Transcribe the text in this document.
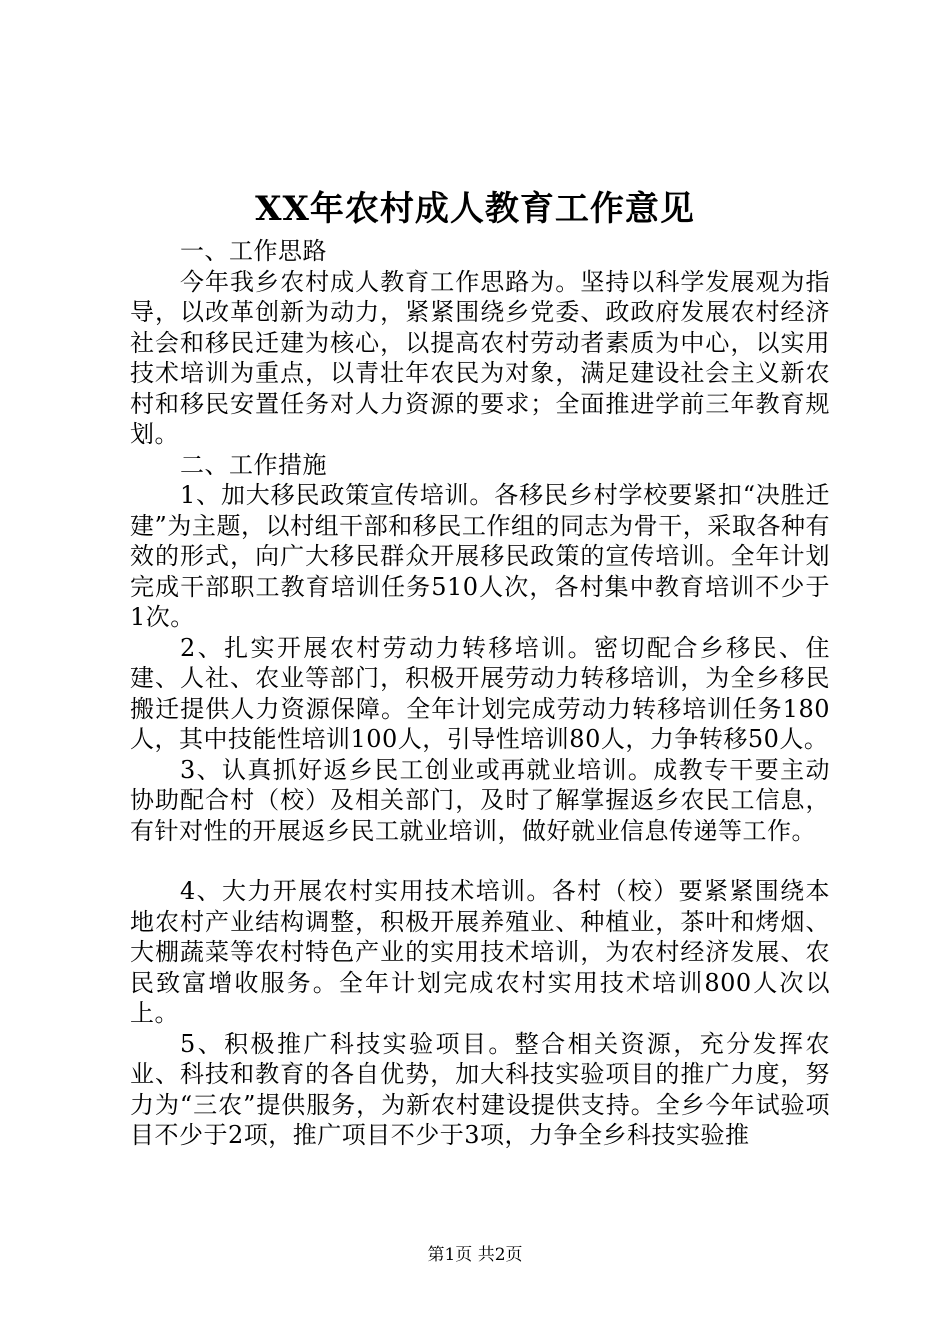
XX年农村成人教育工作意见

一、工作思路

今年我乡农村成人教育工作思路为。坚持以科学发展观为指导，以改革创新为动力，紧紧围绕乡党委、政政府发展农村经济社会和移民迁建为核心，以提高农村劳动者素质为中心，以实用技术培训为重点，以青壮年农民为对象，满足建设社会主义新农村和移民安置任务对人力资源的要求；全面推进学前三年教育规划。

二、工作措施

1、加大移民政策宣传培训。各移民乡村学校要紧扣“决胜迁建”为主题，以村组干部和移民工作组的同志为骨干，采取各种有效的形式，向广大移民群众开展移民政策的宣传培训。全年计划完成干部职工教育培训任务510人次，各村集中教育培训不少于1次。

2、扎实开展农村劳动力转移培训。密切配合乡移民、住建、人社、农业等部门，积极开展劳动力转移培训，为全乡移民搬迁提供人力资源保障。全年计划完成劳动力转移培训任务180人，其中技能性培训100人，引导性培训80人，力争转移50人。

3、认真抓好返乡民工创业或再就业培训。成教专干要主动协助配合村（校）及相关部门，及时了解掌握返乡农民工信息，有针对性的开展返乡民工就业培训，做好就业信息传递等工作。

4、大力开展农村实用技术培训。各村（校）要紧紧围绕本地农村产业结构调整，积极开展养殖业、种植业，茶叶和烤烟、大棚蔬菜等农村特色产业的实用技术培训，为农村经济发展、农民致富增收服务。全年计划完成农村实用技术培训800人次以上。

5、积极推广科技实验项目。整合相关资源，充分发挥农业、科技和教育的各自优势，加大科技实验项目的推广力度，努力为“三农”提供服务，为新农村建设提供支持。全乡今年试验项目不少于2项，推广项目不少于3项，力争全乡科技实验推

第1页 共2页
